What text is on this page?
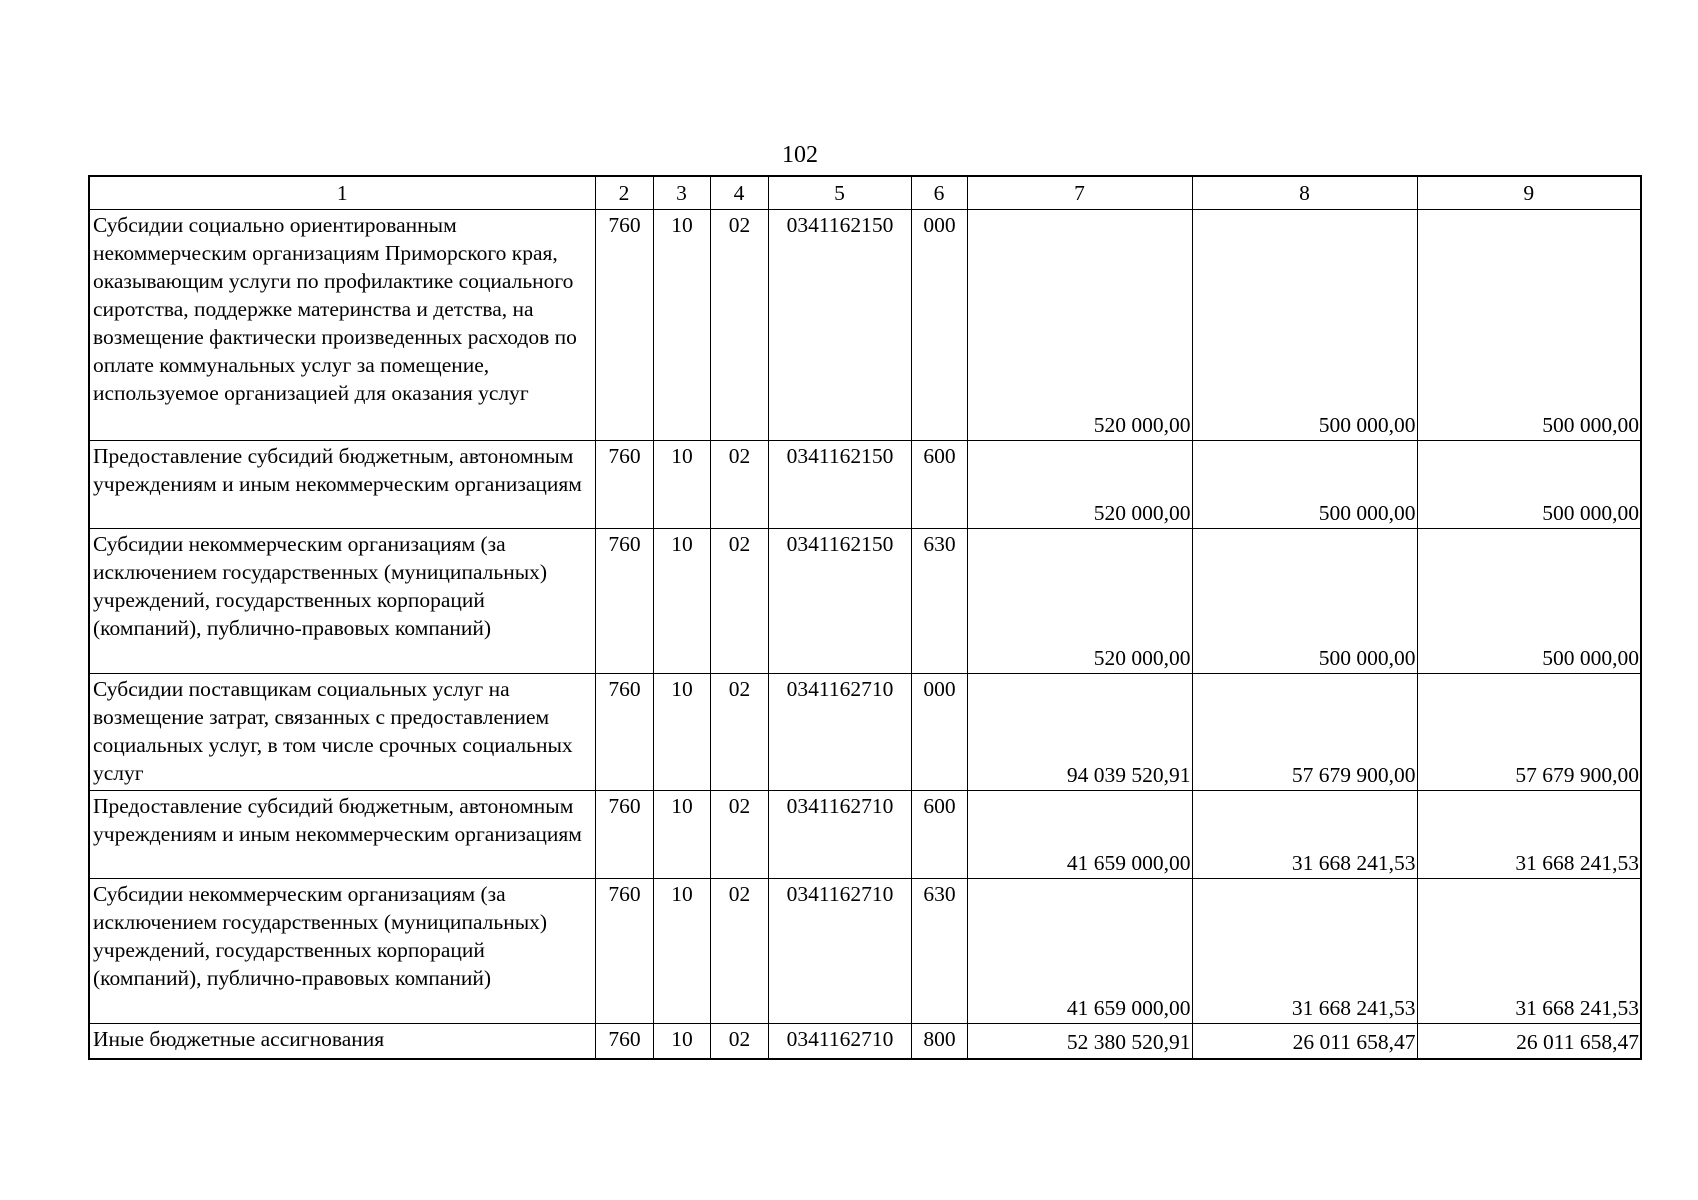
102
1	2	3	4	5	6	7	8	9
Субсидии социально ориентированным некоммерческим организациям Приморского края, оказывающим услуги по профилактике социального сиротства, поддержке материнства и детства, на возмещение фактически произведенных расходов по оплате коммунальных услуг за помещение, используемое организацией для оказания услуг	760	10	02	0341162150	000	520 000,00	500 000,00	500 000,00
Предоставление субсидий бюджетным, автономным учреждениям и иным некоммерческим организациям	760	10	02	0341162150	600	520 000,00	500 000,00	500 000,00
Субсидии некоммерческим организациям (за исключением государственных (муниципальных) учреждений, государственных корпораций (компаний), публично-правовых компаний)	760	10	02	0341162150	630	520 000,00	500 000,00	500 000,00
Субсидии поставщикам социальных услуг на возмещение затрат, связанных с предоставлением социальных услуг, в том числе срочных социальных услуг	760	10	02	0341162710	000	94 039 520,91	57 679 900,00	57 679 900,00
Предоставление субсидий бюджетным, автономным учреждениям и иным некоммерческим организациям	760	10	02	0341162710	600	41 659 000,00	31 668 241,53	31 668 241,53
Субсидии некоммерческим организациям (за исключением государственных (муниципальных) учреждений, государственных корпораций (компаний), публично-правовых компаний)	760	10	02	0341162710	630	41 659 000,00	31 668 241,53	31 668 241,53
Иные бюджетные ассигнования	760	10	02	0341162710	800	52 380 520,91	26 011 658,47	26 011 658,47
